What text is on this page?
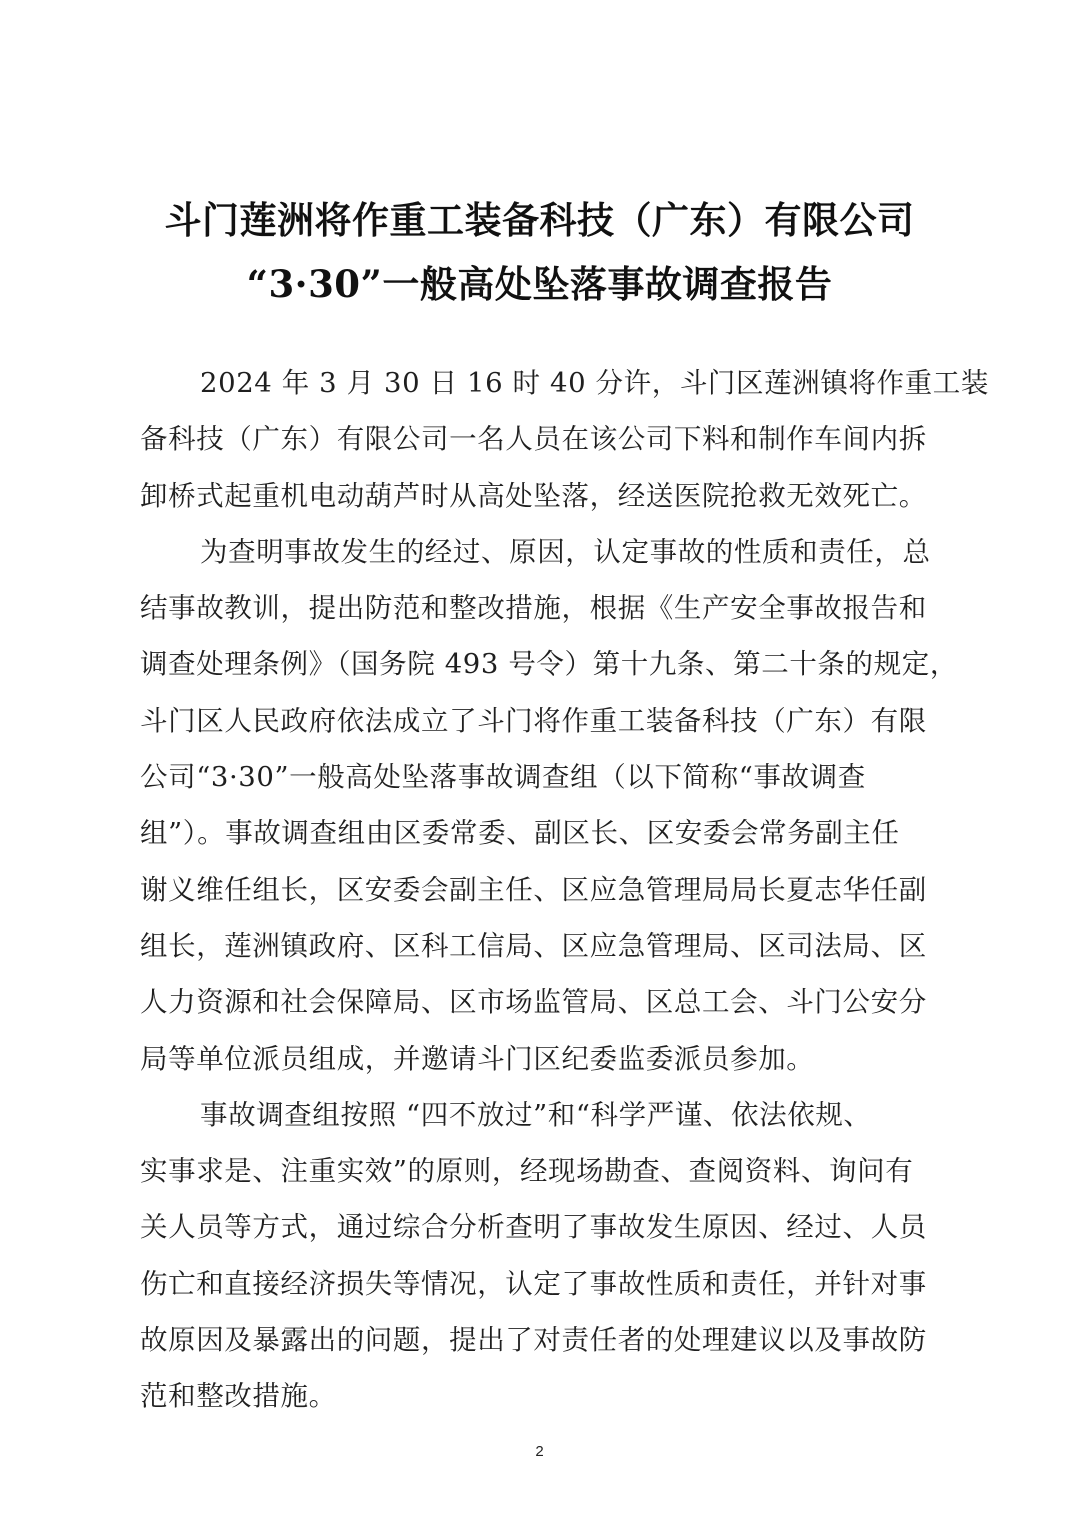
斗门莲洲将作重工装备科技（广东）有限公司
“3·30”一般高处坠落事故调查报告
2024 年 3 月 30 日 16 时 40 分许，斗门区莲洲镇将作重工装
备科技（广东）有限公司一名人员在该公司下料和制作车间内拆
卸桥式起重机电动葫芦时从高处坠落，经送医院抢救无效死亡。
为查明事故发生的经过、原因，认定事故的性质和责任，总
结事故教训，提出防范和整改措施，根据《生产安全事故报告和
调查处理条例》（国务院 493 号令）第十九条、第二十条的规定，
斗门区人民政府依法成立了斗门将作重工装备科技（广东）有限
公司“3·30”一般高处坠落事故调查组（以下简称“事故调查
组”）。事故调查组由区委常委、副区长、区安委会常务副主任
谢义维任组长，区安委会副主任、区应急管理局局长夏志华任副
组长，莲洲镇政府、区科工信局、区应急管理局、区司法局、区
人力资源和社会保障局、区市场监管局、区总工会、斗门公安分
局等单位派员组成，并邀请斗门区纪委监委派员参加。
事故调查组按照 “四不放过”和“科学严谨、依法依规、
实事求是、注重实效”的原则，经现场勘查、查阅资料、询问有
关人员等方式，通过综合分析查明了事故发生原因、经过、人员
伤亡和直接经济损失等情况，认定了事故性质和责任，并针对事
故原因及暴露出的问题，提出了对责任者的处理建议以及事故防
范和整改措施。
2
